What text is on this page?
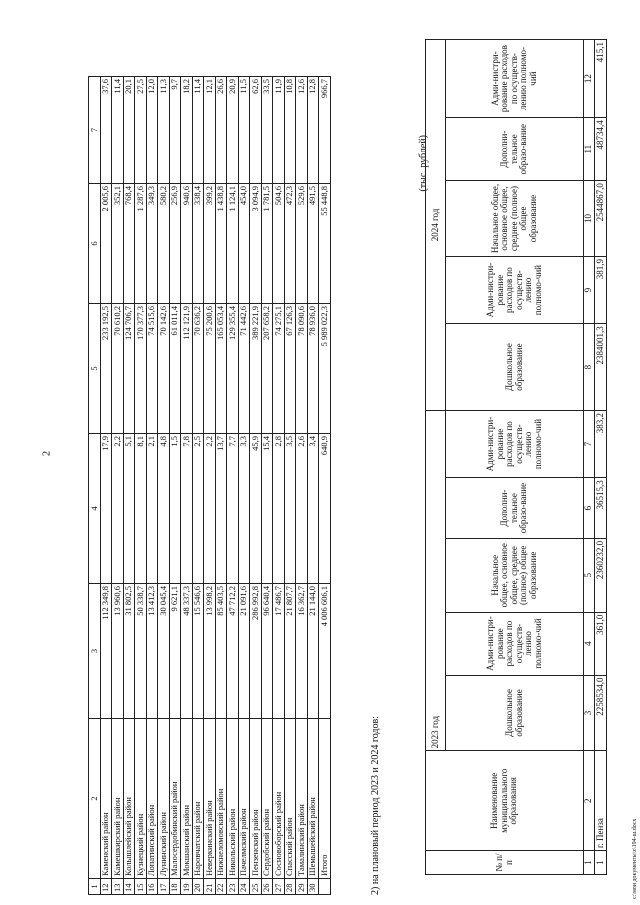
2
1	2	3	4	5	6	7
12	Каменский район	112 349,8	17,9	233 192,5	2 005,6	37,6
13	Камешкирский район	13 960,6	2,2	70 610,2	352,1	11,4
14	Колышлейский район	31 802,5	5,1	124 706,7	768,4	20,1
15	Кузнецкий район	50 338,7	8,1	170 377,3	1 287,6	27,5
16	Лопатинский район	13 412,3	2,1	74 515,6	349,3	12,0
17	Лунинский район	30 045,4	4,8	70 142,6	580,2	11,3
18	Малосердобинский район	9 621,1	1,5	61 011,4	256,9	9,7
19	Мокшанский район	48 337,3	7,8	112 121,9	940,6	18,2
20	Наровчатский район	15 546,6	2,5	70 636,2	338,4	11,4
21	Неверкинский район	13 998,2	2,2	75 200,6	399,2	12,1
22	Нижнеломовский район	85 403,5	13,7	165 053,4	1 438,8	26,6
23	Никольский район	47 712,2	7,7	129 355,4	1 124,1	20,9
24	Пачелмский район	21 091,6	3,3	71 442,6	454,0	11,5
25	Пензенский район	286 992,8	45,9	389 221,9	3 094,9	62,6
26	Сердобский район	96 640,4	15,4	207 658,2	1 781,5	33,5
27	Сосновоборский район	17 486,7	2,8	74 275,1	504,6	11,9
28	Спасский район	21 807,7	3,5	67 126,3	472,3	10,8
29	Тамалинский район	16 362,7	2,6	78 090,6	529,6	12,6
30	Шемышейский район	21 144,0	3,4	78 936,0	491,5	12,8
	Итого	4 006 606,1	640,9	5 989 022,3	55 448,8	966,7
2) на плановый период 2023 и 2024 годов:
(тыс. рублей)
№ п/п	Наименование муниципального образования	2023 год					2024 год				
		Дошкольное образование	Адми-нистри-рование расходов по осуществ-лению полномо-чий	Начальное общее, основное общее, среднее (полное) общее образование	Дополни-тельное образо-вание	Адми-нистри-рование расходов по осуществ-лению полномо-чий	Дошкольное образование	Адми-нистри-рование расходов по осуществ-лению полномо-чий	Начальное общее, основное общее, среднее (полное) общее образование	Дополни-тельное образо-вание	Адми-нистри-рование расходов по осуществ-лению полномо-чий
1	2	3	4	5	6	7	8	9	10	11	12
1	г. Пенза	2258534,0	361,0	2360232,0	36515,3	383,2	2384001,3	381,9	2544867,0	48734,4	415,1
c:\мои документы\z\194-ш.docx
